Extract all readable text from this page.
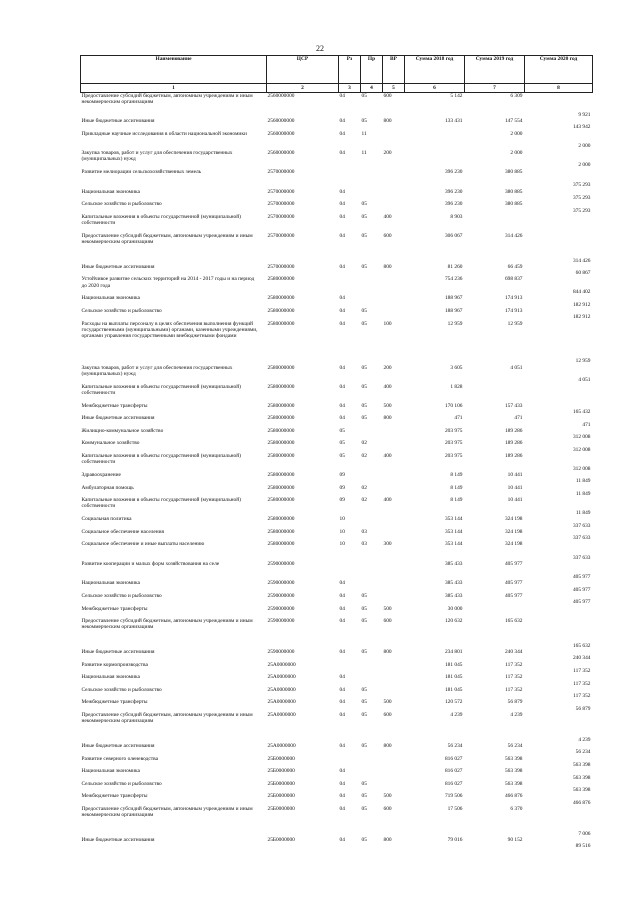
22
Наименование	ЦСР	Рз	Пр	ВР	Сумма 2018 год	Сумма 2019 год	Сумма 2020 год
1	2	3	4	5	6	7	8
Предоставление субсидий бюджетным, автономным учреждениям и иным некоммерческим организациям	2560000000	04	05	600	5 142	6 309	9 921
Иные бюджетные ассигнования	2560000000	04	05	800	133 431	147 554	143 942
Прикладные научные исследования в области национальной экономики	2560000000	04	11			2 000	2 000
Закупка товаров, работ и услуг для обеспечения государственных (муниципальных) нужд	2560000000	04	11	200		2 000	2 000
Развитие мелиорации сельскохозяйственных земель	2570000000				396 230	380 885	375 293
Национальная экономика	2570000000	04			396 230	380 885	375 293
Сельское хозяйство и рыболовство	2570000000	04	05		396 230	380 885	375 293
Капитальные вложения в объекты государственной (муниципальной) собственности	2570000000	04	05	400	8 903		
Предоставление субсидий бюджетным, автономным учреждениям и иным некоммерческим организациям	2570000000	04	05	600	306 067	314 426	314 426
Иные бюджетные ассигнования	2570000000	04	05	800	81 260	66 459	60 867
Устойчивое развитие сельских территорий на 2014 - 2017 годы и на период до 2020 года	2580000000				754 236	698 837	844 402
Национальная экономика	2580000000	04			188 967	174 913	182 912
Сельское хозяйство и рыболовство	2580000000	04	05		188 967	174 913	182 912
Расходы на выплаты персоналу в целях обеспечения выполнения функций государственными (муниципальными) органами, казенными учреждениями, органами управления государственными внебюджетными фондами	2580000000	04	05	100	12 959	12 959	12 959
Закупка товаров, работ и услуг для обеспечения государственных (муниципальных) нужд	2580000000	04	05	200	3 605	4 051	4 051
Капитальные вложения в объекты государственной (муниципальной) собственности	2580000000	04	05	400	1 828		
Межбюджетные трансферты	2580000000	04	05	500	170 106	157 433	165 432
Иные бюджетные ассигнования	2580000000	04	05	800	471	471	471
Жилищно-коммунальное хозяйство	2580000000	05			203 975	189 286	312 008
Коммунальное хозяйство	2580000000	05	02		203 975	189 286	312 008
Капитальные вложения в объекты государственной (муниципальной) собственности	2580000000	05	02	400	203 975	189 286	312 008
Здравоохранение	2580000000	09			8 149	10 441	11 849
Амбулаторная помощь	2580000000	09	02		8 149	10 441	11 849
Капитальные вложения в объекты государственной (муниципальной) собственности	2580000000	09	02	400	8 149	10 441	11 849
Социальная политика	2580000000	10			353 144	324 198	337 633
Социальное обеспечение населения	2580000000	10	03		353 144	324 198	337 633
Социальное обеспечение и иные выплаты населению	2580000000	10	03	300	353 144	324 198	337 633
Развитие кооперации и малых форм хозяйствования на селе	2590000000				385 433	405 977	405 977
Национальная экономика	2590000000	04			385 433	405 977	405 977
Сельское хозяйство и рыболовство	2590000000	04	05		385 433	405 977	405 977
Межбюджетные трансферты	2590000000	04	05	500	30 000		
Предоставление субсидий бюджетным, автономным учреждениям и иным некоммерческим организациям	2590000000	04	05	600	120 632	165 632	165 632
Иные бюджетные ассигнования	2590000000	04	05	800	234 801	240 344	240 344
Развитие кормопроизводства	25А0000000				181 045	117 352	117 352
Национальная экономика	25А0000000	04			181 045	117 352	117 352
Сельское хозяйство и рыболовство	25А0000000	04	05		181 045	117 352	117 352
Межбюджетные трансферты	25А0000000	04	05	500	120 572	56 879	56 879
Предоставление субсидий бюджетным, автономным учреждениям и иным некоммерческим организациям	25А0000000	04	05	600	4 239	4 239	4 239
Иные бюджетные ассигнования	25А0000000	04	05	800	56 234	56 234	56 234
Развитие северного оленеводства	25Б0000000				816 027	563 398	563 398
Национальная экономика	25Б0000000	04			816 027	563 398	563 398
Сельское хозяйство и рыболовство	25Б0000000	04	05		816 027	563 398	563 398
Межбюджетные трансферты	25Б0000000	04	05	500	719 506	466 876	466 876
Предоставление субсидий бюджетным, автономным учреждениям и иным некоммерческим организациям	25Б0000000	04	05	600	17 506	6 370	7 006
Иные бюджетные ассигнования	25Б0000000	04	05	800	79 016	90 152	89 516
